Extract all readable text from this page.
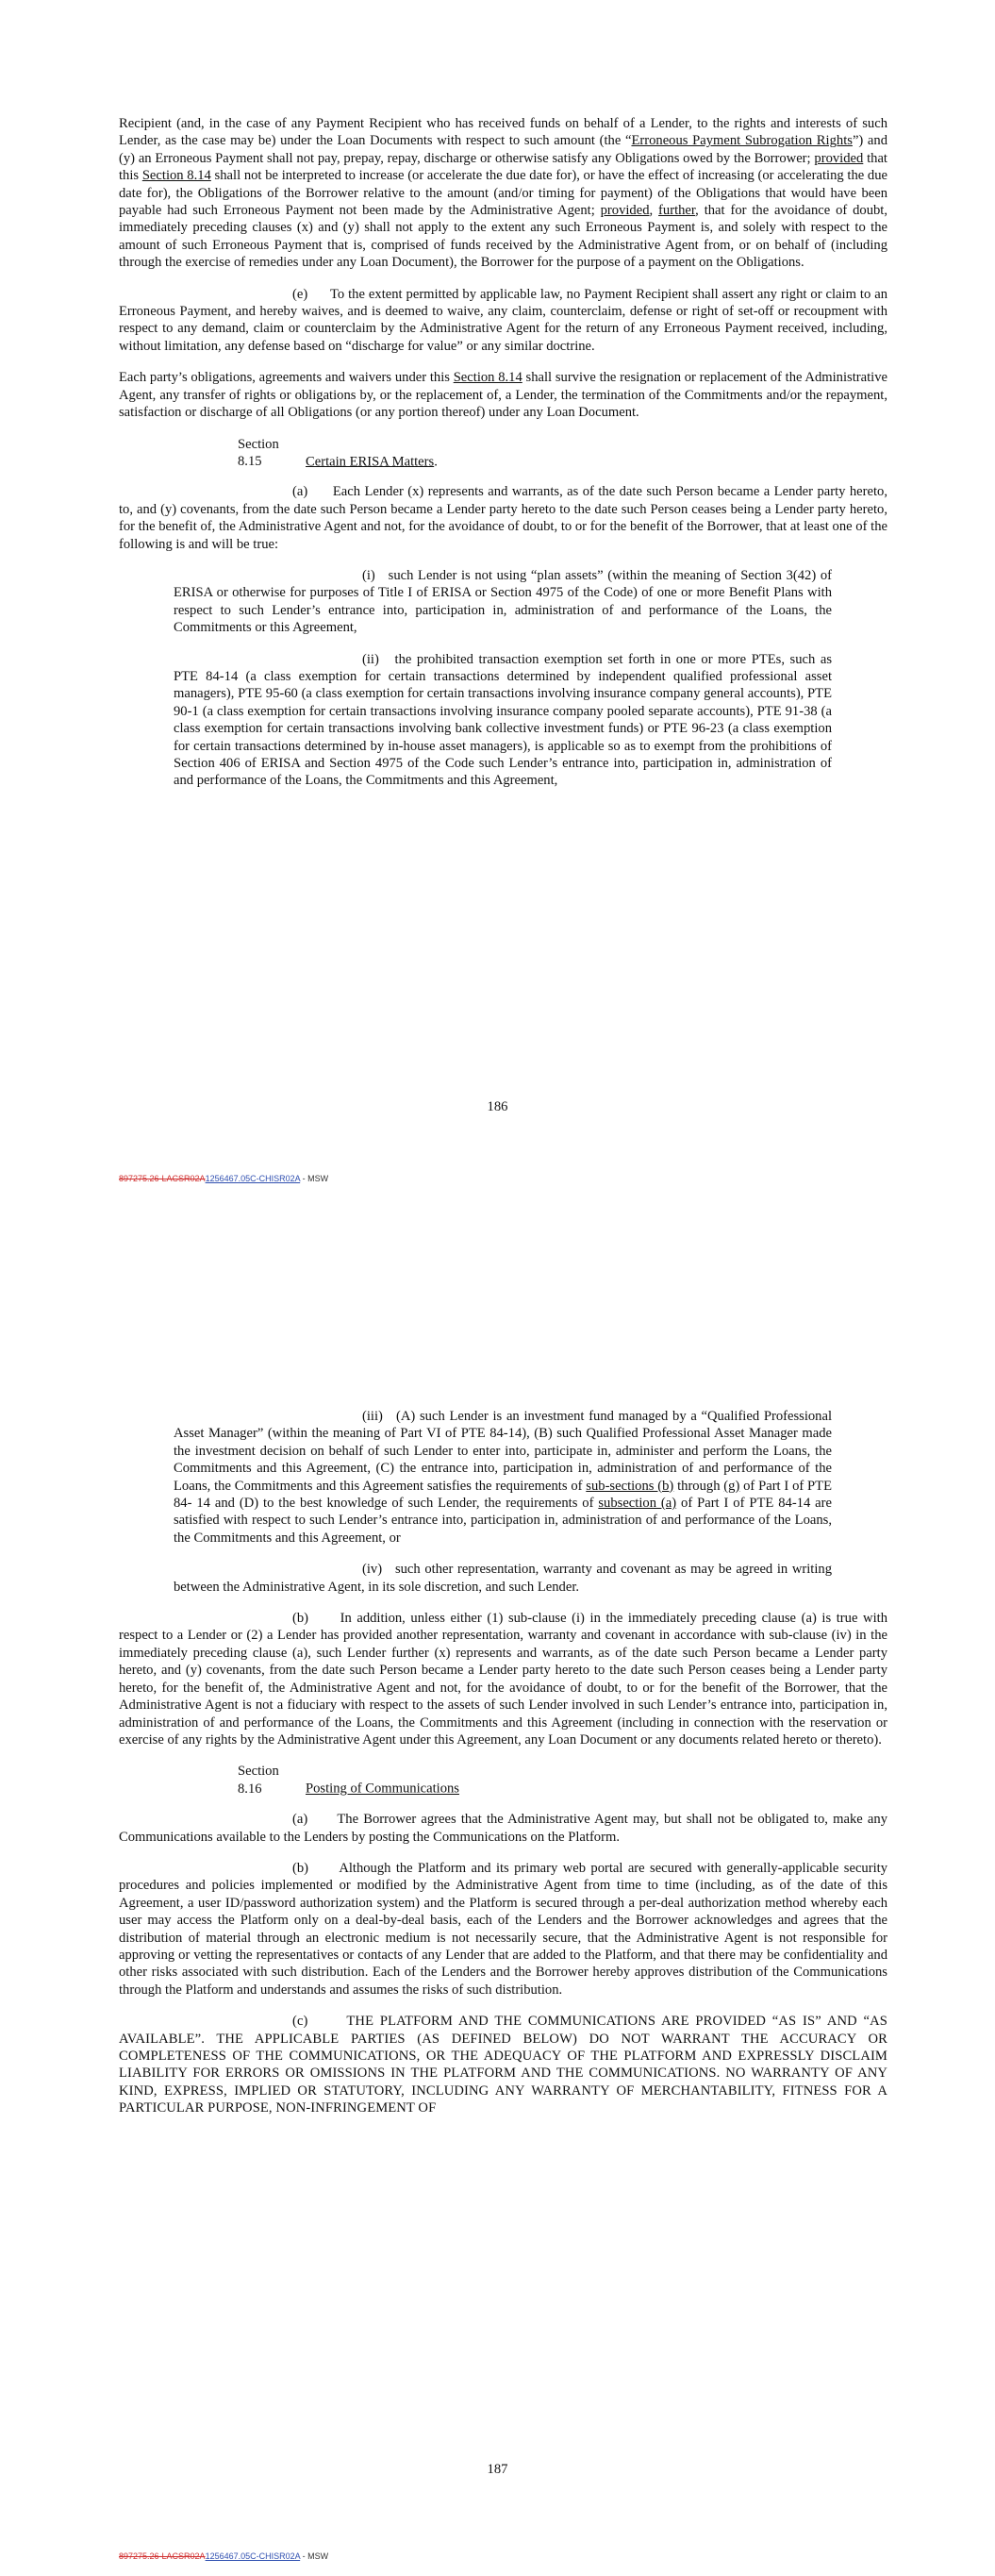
Recipient (and, in the case of any Payment Recipient who has received funds on behalf of a Lender, to the rights and interests of such Lender, as the case may be) under the Loan Documents with respect to such amount (the “Erroneous Payment Subrogation Rights”) and (y) an Erroneous Payment shall not pay, prepay, repay, discharge or otherwise satisfy any Obligations owed by the Borrower; provided that this Section 8.14 shall not be interpreted to increase (or accelerate the due date for), or have the effect of increasing (or accelerating the due date for), the Obligations of the Borrower relative to the amount (and/or timing for payment) of the Obligations that would have been payable had such Erroneous Payment not been made by the Administrative Agent; provided, further, that for the avoidance of doubt, immediately preceding clauses (x) and (y) shall not apply to the extent any such Erroneous Payment is, and solely with respect to the amount of such Erroneous Payment that is, comprised of funds received by the Administrative Agent from, or on behalf of (including through the exercise of remedies under any Loan Document), the Borrower for the purpose of a payment on the Obligations.

(e)      To the extent permitted by applicable law, no Payment Recipient shall assert any right or claim to an Erroneous Payment, and hereby waives, and is deemed to waive, any claim, counterclaim, defense or right of set-off or recoupment with respect to any demand, claim or counterclaim by the Administrative Agent for the return of any Erroneous Payment received, including, without limitation, any defense based on “discharge for value” or any similar doctrine.

Each party’s obligations, agreements and waivers under this Section 8.14 shall survive the resignation or replacement of the Administrative Agent, any transfer of rights or obligations by, or the replacement of, a Lender, the termination of the Commitments and/or the repayment, satisfaction or discharge of all Obligations (or any portion thereof) under any Loan Document.

Section 8.15	Certain ERISA Matters.

(a)      Each Lender (x) represents and warrants, as of the date such Person became a Lender party hereto, to, and (y) covenants, from the date such Person became a Lender party hereto to the date such Person ceases being a Lender party hereto, for the benefit of, the Administrative Agent and not, for the avoidance of doubt, to or for the benefit of the Borrower, that at least one of the following is and will be true:

(i)   such Lender is not using “plan assets” (within the meaning of Section 3(42) of ERISA or otherwise for purposes of Title I of ERISA or Section 4975 of the Code) of one or more Benefit Plans with respect to such Lender’s entrance into, participation in, administration of and performance of the Loans, the Commitments or this Agreement,

(ii)   the prohibited transaction exemption set forth in one or more PTEs, such as PTE 84-14 (a class exemption for certain transactions determined by independent qualified professional asset managers), PTE 95-60 (a class exemption for certain transactions involving insurance company general accounts), PTE 90-1 (a class exemption for certain transactions involving insurance company pooled separate accounts), PTE 91-38 (a class exemption for certain transactions involving bank collective investment funds) or PTE 96-23 (a class exemption for certain transactions determined by in-house asset managers), is applicable so as to exempt from the prohibitions of Section 406 of ERISA and Section 4975 of the Code such Lender’s entrance into, participation in, administration of and performance of the Loans, the Commitments and this Agreement,

186
897275.26-LACSR02A1256467.05C-CHISR02A - MSW

(iii)   (A) such Lender is an investment fund managed by a “Qualified Professional Asset Manager” (within the meaning of Part VI of PTE 84-14), (B) such Qualified Professional Asset Manager made the investment decision on behalf of such Lender to enter into, participate in, administer and perform the Loans, the Commitments and this Agreement, (C) the entrance into, participation in, administration of and performance of the Loans, the Commitments and this Agreement satisfies the requirements of sub-sections (b) through (g) of Part I of PTE 84- 14 and (D) to the best knowledge of such Lender, the requirements of subsection (a) of Part I of PTE 84-14 are satisfied with respect to such Lender’s entrance into, participation in, administration of and performance of the Loans, the Commitments and this Agreement, or

(iv)   such other representation, warranty and covenant as may be agreed in writing between the Administrative Agent, in its sole discretion, and such Lender.

(b)      In addition, unless either (1) sub-clause (i) in the immediately preceding clause (a) is true with respect to a Lender or (2) a Lender has provided another representation, warranty and covenant in accordance with sub-clause (iv) in the immediately preceding clause (a), such Lender further (x) represents and warrants, as of the date such Person became a Lender party hereto, and (y) covenants, from the date such Person became a Lender party hereto to the date such Person ceases being a Lender party hereto, for the benefit of, the Administrative Agent and not, for the avoidance of doubt, to or for the benefit of the Borrower, that the Administrative Agent is not a fiduciary with respect to the assets of such Lender involved in such Lender’s entrance into, participation in, administration of and performance of the Loans, the Commitments and this Agreement (including in connection with the reservation or exercise of any rights by the Administrative Agent under this Agreement, any Loan Document or any documents related hereto or thereto).

Section 8.16	Posting of Communications

(a)      The Borrower agrees that the Administrative Agent may, but shall not be obligated to, make any Communications available to the Lenders by posting the Communications on the Platform.

(b)      Although the Platform and its primary web portal are secured with generally-applicable security procedures and policies implemented or modified by the Administrative Agent from time to time (including, as of the date of this Agreement, a user ID/password authorization system) and the Platform is secured through a per-deal authorization method whereby each user may access the Platform only on a deal-by-deal basis, each of the Lenders and the Borrower acknowledges and agrees that the distribution of material through an electronic medium is not necessarily secure, that the Administrative Agent is not responsible for approving or vetting the representatives or contacts of any Lender that are added to the Platform, and that there may be confidentiality and other risks associated with such distribution. Each of the Lenders and the Borrower hereby approves distribution of the Communications through the Platform and understands and assumes the risks of such distribution.

(c)      THE PLATFORM AND THE COMMUNICATIONS ARE PROVIDED “AS IS” AND “AS AVAILABLE”. THE APPLICABLE PARTIES (AS DEFINED BELOW) DO NOT WARRANT THE ACCURACY OR COMPLETENESS OF THE COMMUNICATIONS, OR THE ADEQUACY OF THE PLATFORM AND EXPRESSLY DISCLAIM LIABILITY FOR ERRORS OR OMISSIONS IN THE PLATFORM AND THE COMMUNICATIONS. NO WARRANTY OF ANY KIND, EXPRESS, IMPLIED OR STATUTORY, INCLUDING ANY WARRANTY OF MERCHANTABILITY, FITNESS FOR A PARTICULAR PURPOSE, NON-INFRINGEMENT OF

187
897275.26-LACSR02A1256467.05C-CHISR02A - MSW
